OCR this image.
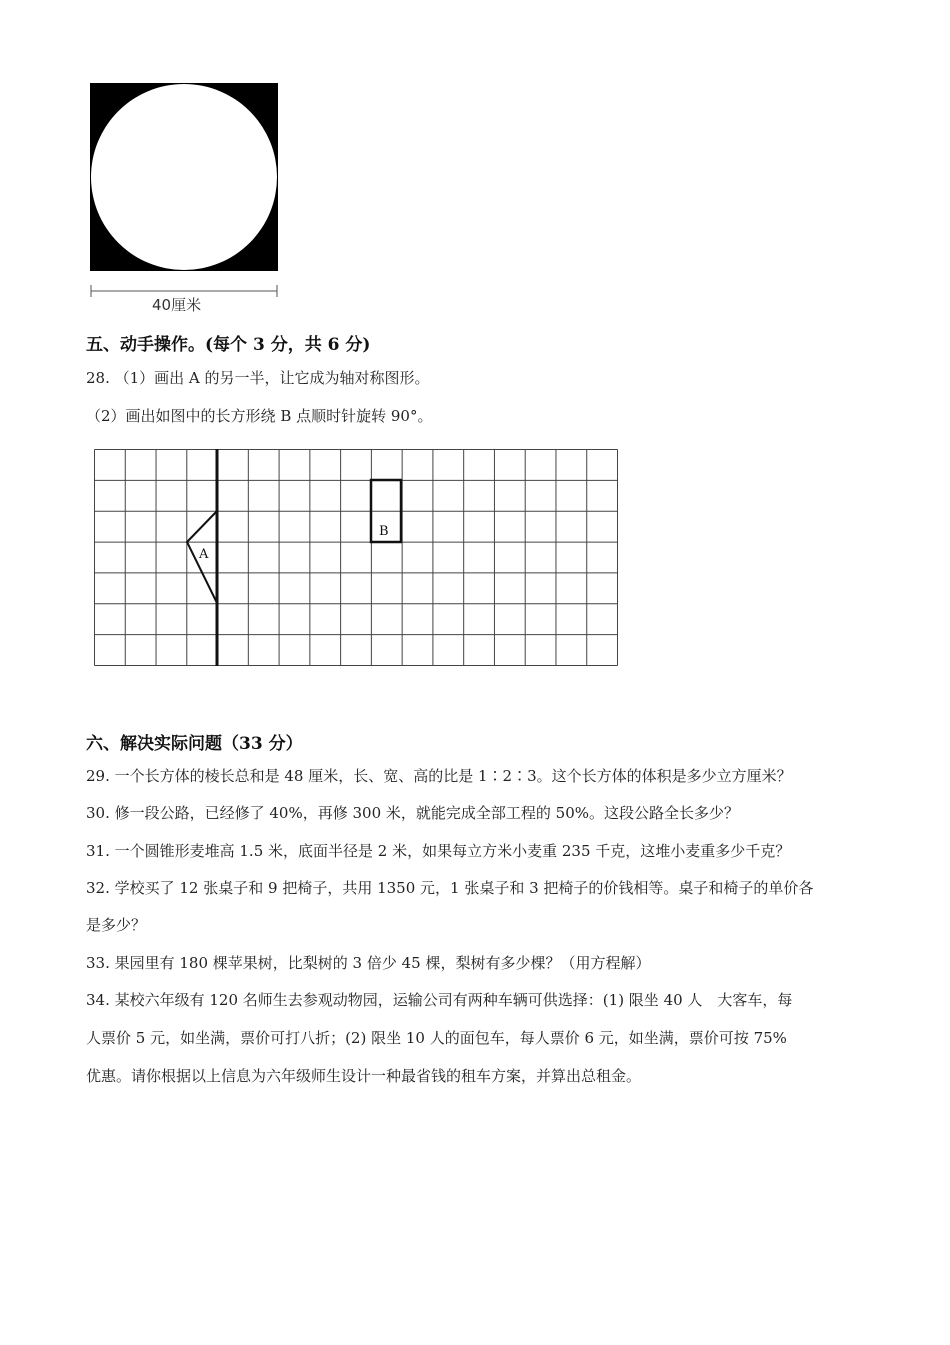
40厘米
五、动手操作。(每个 3 分，共 6 分)
28. （1）画出 A 的另一半，让它成为轴对称图形。
（2）画出如图中的长方形绕 B 点顺时针旋转 90°。
A
B
六、解决实际问题（33 分）
29. 一个长方体的棱长总和是 48 厘米，长、宽、高的比是 1∶2∶3。这个长方体的体积是多少立方厘米？
30. 修一段公路，已经修了 40%，再修 300 米，就能完成全部工程的 50%。这段公路全长多少？
31. 一个圆锥形麦堆高 1.5 米，底面半径是 2 米，如果每立方米小麦重 235 千克，这堆小麦重多少千克？
32. 学校买了 12 张桌子和 9 把椅子，共用 1350 元，1 张桌子和 3 把椅子的价钱相等。桌子和椅子的单价各
是多少？
33. 果园里有 180 棵苹果树，比梨树的 3 倍少 45 棵，梨树有多少棵？（用方程解）
34. 某校六年级有 120 名师生去参观动物园，运输公司有两种车辆可供选择：(1) 限坐 40 人　大客车，每
人票价 5 元，如坐满，票价可打八折；(2) 限坐 10 人的面包车，每人票价 6 元，如坐满，票价可按 75%
优惠。请你根据以上信息为六年级师生设计一种最省钱的租车方案，并算出总租金。
